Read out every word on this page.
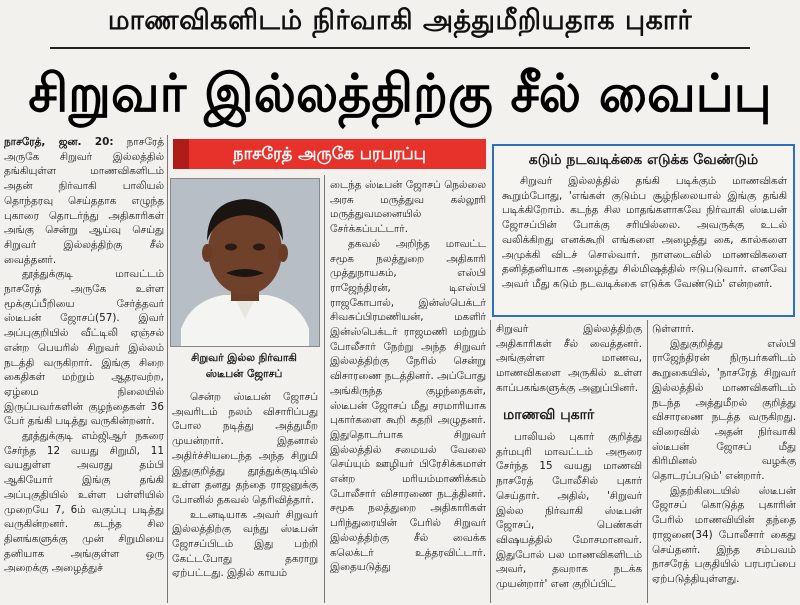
மாணவிகளிடம் நிர்வாகி அத்துமீறியதாக புகார்
சிறுவர் இல்லத்திற்கு சீல் வைப்பு

நாசரேத், ஜன. 20: நாசரேத் அருகே சிறுவர் இல்லத்தில் தங்கியுள்ள மாணவிகளிடம் அதன் நிர்வாகி பாலியல் தொந்தரவு செய்ததாக எழுந்த புகாரை தொடர்ந்து அதிகாரிகள் அங்கு சென்று ஆய்வு செய்து சிறுவர் இல்லத்திற்கு சீல் வைத்தனர்.

தூத்துக்குடி மாவட்டம் நாசரேத் அருகே உள்ள மூக்குப்பீறியை சேர்த்தவர் ஸ்டீபன் ஜோசப்(57). இவர் அப்புகுறியில் வீட்டிலி ஏஞ்சல் என்ற பெயரில் சிறுவர் இல்லம் நடத்தி வருகிறார். இங்கு சிறை கைதிகள் மற்றும் ஆதரவற்ற, ஏழ்மை நிலையில் இருப்பவர்களின் குழந்தைகள் 36 பேர் தங்கி படித்து வருகின்றனர்.

தூத்துக்குடி எம்ஜிஆர் நகரை சேர்ந்த 12 வயது சிறுமி, 11 வயதுள்ள அவரது தம்பி ஆகியோர் இங்கு தங்கி அப்புகுதியில் உள்ள பள்ளியில் முறையே 7, 6ம் வகுப்பு படித்து வருகின்றனர். கடந்த சில தினங்களுக்கு முன் சிறுமியை தனியாக அங்குள்ள ஒரு அறைக்கு அழைத்துச்

நாசரேத் அருகே பரபரப்பு
சிறுவர் இல்ல நிர்வாகி
ஸ்டீபன் ஜோசப்

சென்ற ஸ்டீபன் ஜோசப் அவரிடம் நலம் விசாரிப்பது போல நடித்து அத்துமீற முயன்றார். இதனால் அதிர்ச்சியடைந்த அந்த சிறுமி இதுகுறித்து தூத்துக்குடியில் உள்ள தனது தந்தை ராஜனுக்கு போனில் தகவல் தெரிவித்தார்.

உடனடியாக அவர் சிறுவர் இல்லத்திற்கு வந்து ஸ்டீபன் ஜோசப்பிடம் இது பற்றி கேட்டபோது தகராறு ஏற்பட்டது. இதில் காயம்

டைந்த ஸ்டீபன் ஜோசப் நெல்லை அரசு மருத்துவ கல்லூரி மருத்துவமனையில் சேர்க்கப்பட்டார்.

தகவல் அறிந்த மாவட்ட சமூக நலத்துறை அதிகாரி முத்துநாயகம், எஸ்பி ராஜேந்திரன், டிஎஸ்பி ராஜகோபால், இன்ஸ்பெக்டர் சிவசுப்பிரமணியன், மகளிர் இன்ஸ்பெக்டர் ராஜமணி மற்றும் போலீசார் நேற்று அந்த சிறுவர் இல்லத்திற்கு நேரில் சென்று விசாரணை நடத்தினர். அப்போது அங்கிருந்த குழந்தைகள், ஸ்டீபன் ஜோசப் மீது சரமாரியாக புகார்களை கூறி கதறி அழுதனர். இதுதொடர்பாக சிறுவர் இல்லத்தில் சமையல் வேலை செய்யும் ஊழியர் பிரேசிக்கமாள் என்ற மரியம்மாணிக்கம் போலீசார் விசாரணை நடத்தினர். சமூக நலத்துறை அதிகாரிகள் பரிந்துரையின் பேரில் சிறுவர் இல்லத்திற்கு சீல் வைக்க கலெக்டர் உத்தரவிட்டார். இதையடுத்து

கடும் நடவடிக்கை எடுக்க வேண்டும்

சிறுவர் இல்லத்தில் தங்கி படிக்கும் மாணவிகள் கூறும்போது, 'எங்கள் குடும்ப சூழ்நிலையால் இங்கு தங்கி படிக்கிறோம். கடந்த சில மாதங்களாகவே நிர்வாகி ஸ்டீபன் ஜோசப்பின் போக்கு சரியில்லை. அவருக்கு உடல் வலிக்கிறது எனக்கூறி எங்களை அழைத்து கை, கால்களை அமுக்கி விடச் சொல்வார். நாளடைவில் மாணவிகளை தனித்தனியாக அழைத்து சில்மிஷத்தில் ஈடுபடுவார். எனவே அவர் மீது கடும் நடவடிக்கை எடுக்க வேண்டும்' என்றனர்.

சிறுவர் இல்லத்திற்கு அதிகாரிகள் சீல் வைத்தனர். அங்குள்ள மாணவ, மாணவிகளை அருகில் உள்ள காப்பகங்களுக்கு அனுப்பினர்.

மாணவி புகார்

பாலியல் புகார் குறித்து தர்மபுரி மாவட்டம் அரூரை சேர்ந்த 15 வயது மாணவி நாசரேத் போலீசில் புகார் செய்தார். அதில், 'சிறுவர் இல்ல நிர்வாகி ஸ்டீபன் ஜோசப், பெண்கள் விஷயத்தில் மோசமானவர். இதுபோல் பல மாணவிகளிடம் அவர், தவறாக நடக்க முயன்றார்' என குறிப்பிட்

டுள்ளார்.

இதுகுறித்து எஸ்பி ராஜேந்திரன் நிருபர்களிடம் கூறுகையில், 'நாசரேத் சிறுவர் இல்லத்தில் மாணவிகளிடம் நடந்த அத்துமீறல் குறித்து விசாரணை நடத்த வருகிறது. விரைவில் அதன் நிர்வாகி ஸ்டீபன் ஜோசப் மீது கிரிமினல் வழக்கு தொடரப்படும்' என்றார்.

இதற்கிடையில் ஸ்டீபன் ஜோசப் கொடுத்த புகாரின் பேரில் மாணவியின் தந்தை ராஜனை(34) போலீசார் கைது செய்தனர். இந்த சம்பவம் நாசரேத் பகுதியில் பரபரப்பை ஏற்படுத்தியுள்ளது.
